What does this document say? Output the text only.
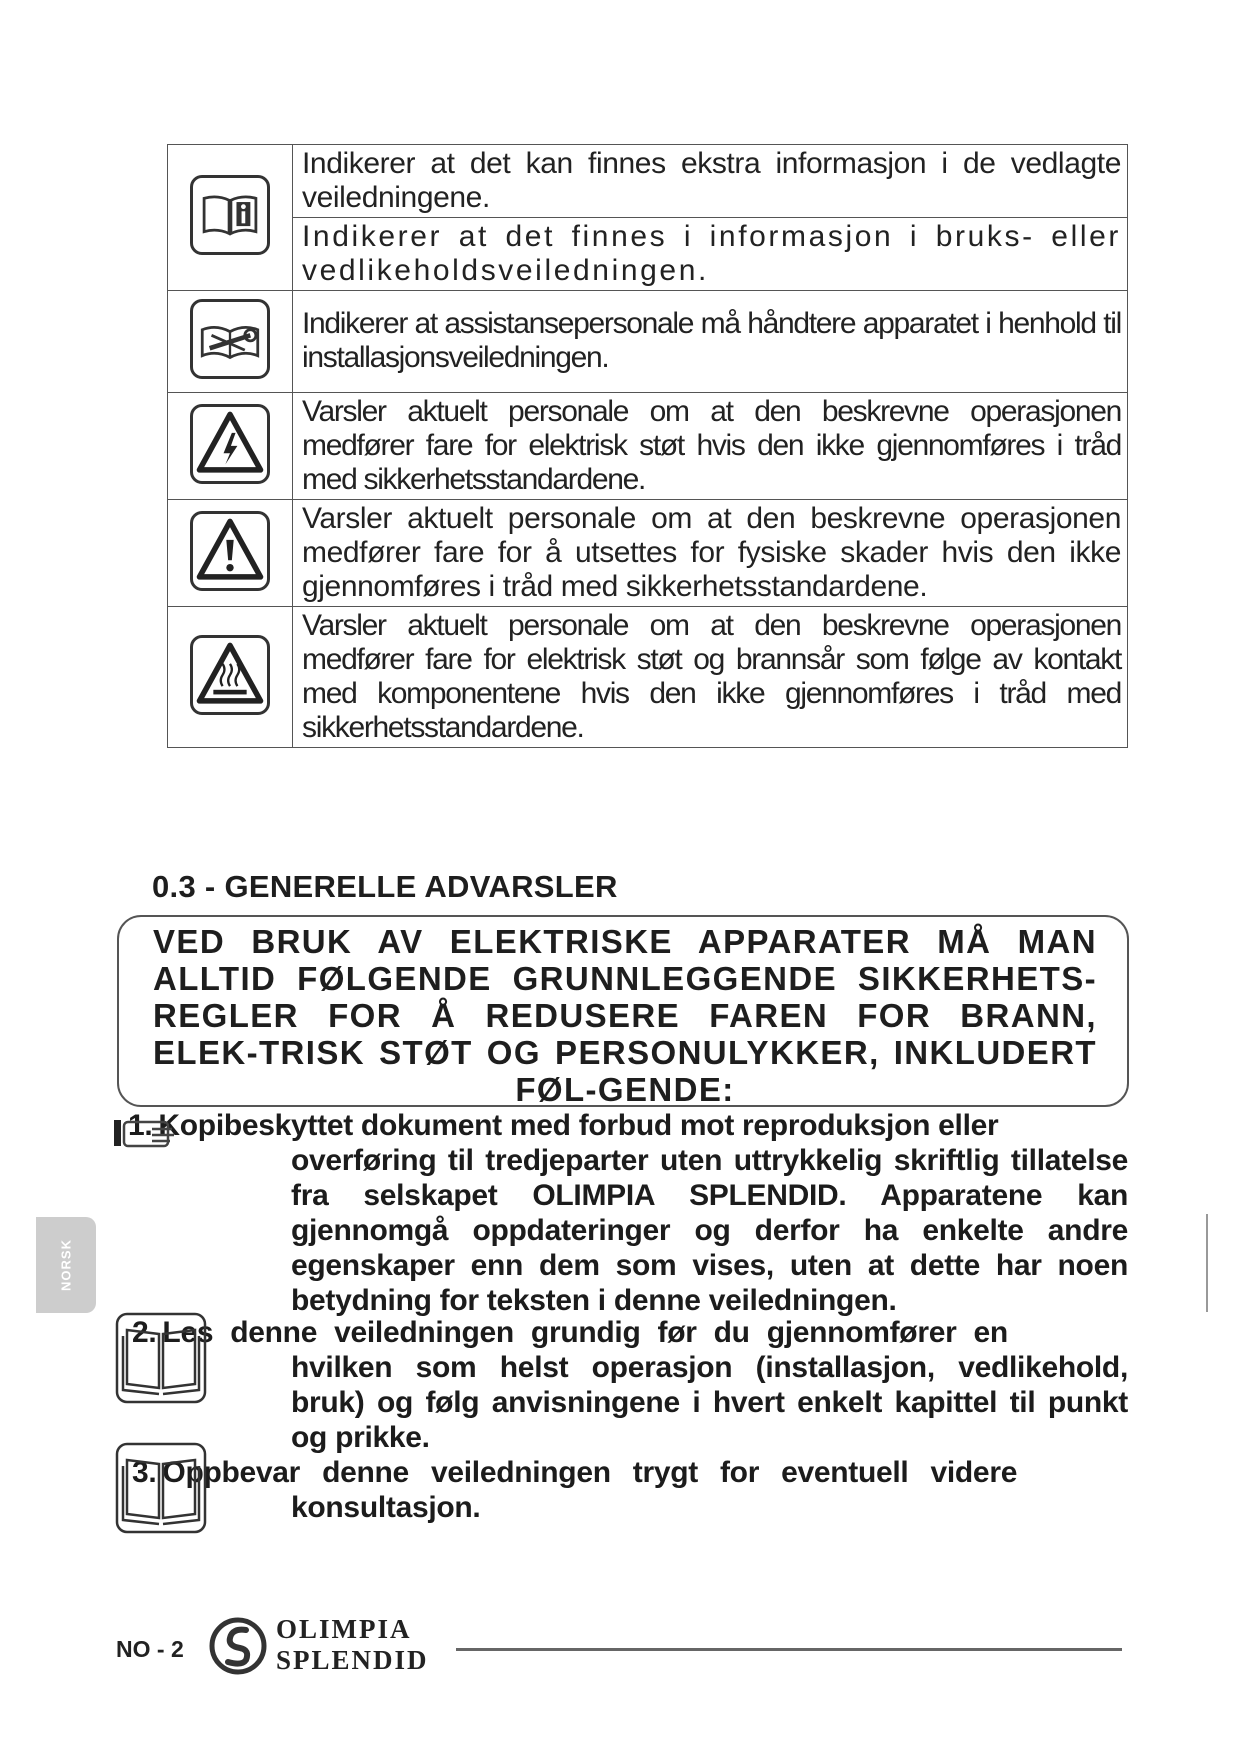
Indikerer at det kan finnes ekstra informasjon i de vedlagte veiledningene.
Indikerer at det finnes i informasjon i bruks- eller vedlikeholdsveiledningen.

Indikerer at assistansepersonale må håndtere apparatet i henhold til installasjonsveiledningen.

Varsler aktuelt personale om at den beskrevne operasjonen medfører fare for elektrisk støt hvis den ikke gjennomføres i tråd med sikkerhetsstandardene.

Varsler aktuelt personale om at den beskrevne operasjonen medfører fare for å utsettes for fysiske skader hvis den ikke gjennomføres i tråd med sikkerhetsstandardene.

Varsler aktuelt personale om at den beskrevne operasjonen medfører fare for elektrisk støt og brannsår som følge av kontakt med komponentene hvis den ikke gjennomføres i tråd med sikkerhetsstandardene.
0.3 - GENERELLE ADVARSLER
VED BRUK AV ELEKTRISKE APPARATER MÅ MAN ALLTID FØLGENDE GRUNNLEGGENDE SIKKERHETS-REGLER FOR Å REDUSERE FAREN FOR BRANN, ELEK-TRISK STØT OG PERSONULYKKER, INKLUDERT FØL-GENDE:
1. Kopibeskyttet dokument med forbud mot reproduksjon eller
overføring til tredjeparter uten uttrykkelig skriftlig tillatelse fra selskapet OLIMPIA SPLENDID. Apparatene kan gjennomgå oppdateringer og derfor ha enkelte andre egenskaper enn dem som vises, uten at dette har noen betydning for teksten i denne veiledningen.
2. Les denne veiledningen grundig før du gjennomfører en
hvilken som helst operasjon (installasjon, vedlikehold, bruk) og følg anvisningene i hvert enkelt kapittel til punkt og prikke.
3. Oppbevar denne veiledningen trygt for eventuell videre
konsultasjon.
NORSK
NO - 2
OLIMPIA
SPLENDID
